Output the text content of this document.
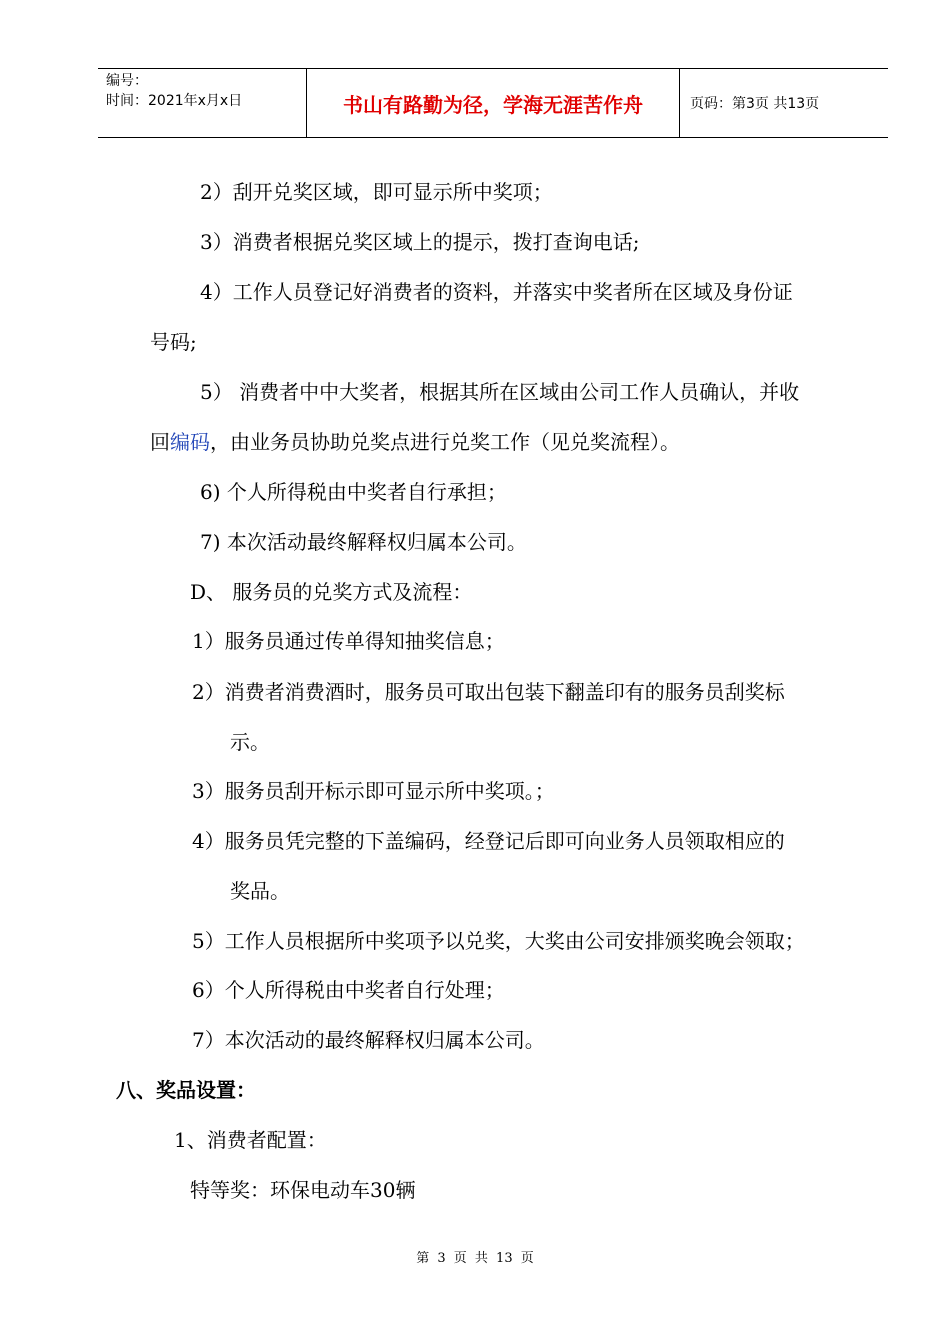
编号：
时间：2021年x月x日	书山有路勤为径，学海无涯苦作舟	页码：第3页 共13页
2）刮开兑奖区域，即可显示所中奖项；
3）消费者根据兑奖区域上的提示，拨打查询电话;
4）工作人员登记好消费者的资料，并落实中奖者所在区域及身份证
号码;
5） 消费者中中大奖者，根据其所在区域由公司工作人员确认，并收
回编码，由业务员协助兑奖点进行兑奖工作（见兑奖流程）。
6) 个人所得税由中奖者自行承担；
7) 本次活动最终解释权归属本公司。
D、 服务员的兑奖方式及流程：
1）服务员通过传单得知抽奖信息；
2）消费者消费酒时，服务员可取出包装下翻盖印有的服务员刮奖标
示。
3）服务员刮开标示即可显示所中奖项。；
4）服务员凭完整的下盖编码，经登记后即可向业务人员领取相应的
奖品。
5）工作人员根据所中奖项予以兑奖，大奖由公司安排颁奖晚会领取；
6）个人所得税由中奖者自行处理；
7）本次活动的最终解释权归属本公司。
八、奖品设置：
1、消费者配置：
特等奖：环保电动车30辆
第 3 页 共 13 页
